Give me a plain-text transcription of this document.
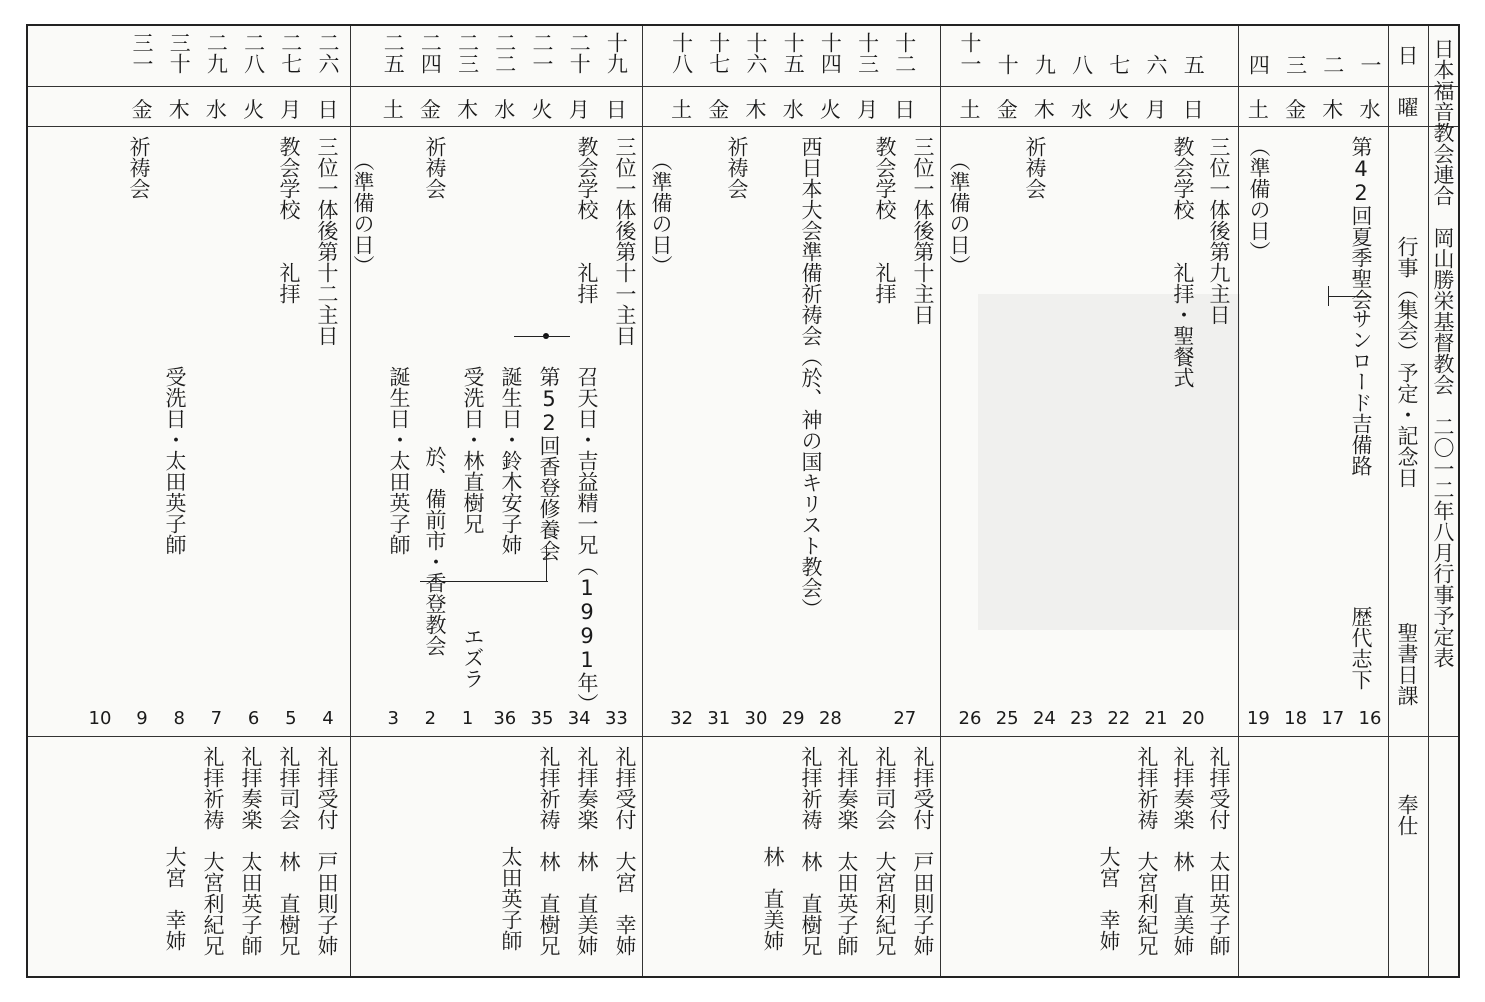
日本福音教会連合　岡山勝栄基督教会　二〇一二年八月行事予定表
日
曜
行事（集会）予定・記念日
聖書日課
奉仕
10
第42回夏季聖会
サンロード吉備路
歴代志下
（準備の日）
三位一体後第九主日
教会学校　　礼拝・聖餐式
祈祷会
（準備の日）
三位一体後第十主日
教会学校　　礼拝
西日本大会準備祈祷会（於、神の国キリスト教会）
祈祷会
（準備の日）
三位一体後第十一主日
教会学校　　礼拝
召天日・吉益精一兄（1991年）
第52回香登修養会
誕生日・鈴木安子姉
受洗日・林直樹兄
エズラ
祈祷会
誕生日・太田英子師 於、備前市・香登教会
（準備の日）
三位一体後第十二主日
教会学校　　礼拝
受洗日・太田英子師
祈祷会
礼拝受付　太田英子師
礼拝奏楽　林　直美姉
礼拝祈祷　大宮利紀兄
大宮　幸姉
礼拝受付　戸田則子姉
礼拝司会　大宮利紀兄
礼拝奏楽　太田英子師
礼拝祈祷　林　直樹兄
林　直美姉
礼拝受付　大宮　幸姉
礼拝奏楽　林　直美姉
礼拝祈祷　林　直樹兄
太田英子師
礼拝受付　戸田則子姉
礼拝司会　林　直樹兄
礼拝奏楽　太田英子師
礼拝祈祷　大宮利紀兄
大宮　幸姉
一
水
16
二
木
17
三
金
18
四
土
19
五
日
20
六
月
21
七
火
22
八
水
23
九
木
24
十
金
25
十一
土
26
十二
日
27
十三
月
十四
火
28
十五
水
29
十六
木
30
十七
金
31
十八
土
32
十九
日
33
二十
月
34
二一
火
35
二二
水
36
二三
木
1
二四
金
2
二五
土
3
二六
日
4
二七
月
5
二八
火
6
二九
水
7
三十
木
8
三一
金
9
